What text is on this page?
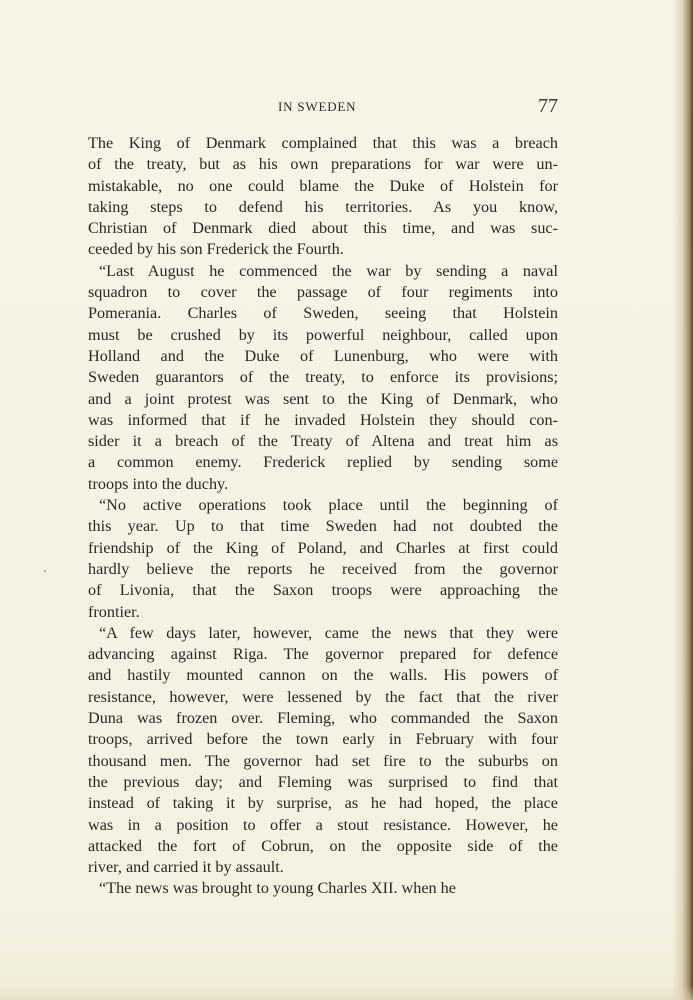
IN SWEDEN	77

The King of Denmark complained that this was a breach

of the treaty, but as his own preparations for war were un-

mistakable, no one could blame the Duke of Holstein for

taking steps to defend his territories. As you know,

Christian of Denmark died about this time, and was suc-

ceeded by his son Frederick the Fourth.

“Last August he commenced the war by sending a naval

squadron to cover the passage of four regiments into

Pomerania. Charles of Sweden, seeing that Holstein

must be crushed by its powerful neighbour, called upon

Holland and the Duke of Lunenburg, who were with

Sweden guarantors of the treaty, to enforce its provisions;

and a joint protest was sent to the King of Denmark, who

was informed that if he invaded Holstein they should con-

sider it a breach of the Treaty of Altena and treat him as

a common enemy. Frederick replied by sending some

troops into the duchy.

“No active operations took place until the beginning of

this year. Up to that time Sweden had not doubted the

friendship of the King of Poland, and Charles at first could

hardly believe the reports he received from the governor

of Livonia, that the Saxon troops were approaching the

frontier.

“A few days later, however, came the news that they were

advancing against Riga. The governor prepared for defence

and hastily mounted cannon on the walls. His powers of

resistance, however, were lessened by the fact that the river

Duna was frozen over. Fleming, who commanded the Saxon

troops, arrived before the town early in February with four

thousand men. The governor had set fire to the suburbs on

the previous day; and Fleming was surprised to find that

instead of taking it by surprise, as he had hoped, the place

was in a position to offer a stout resistance. However, he

attacked the fort of Cobrun, on the opposite side of the

river, and carried it by assault.

“The news was brought to young Charles XII. when he
